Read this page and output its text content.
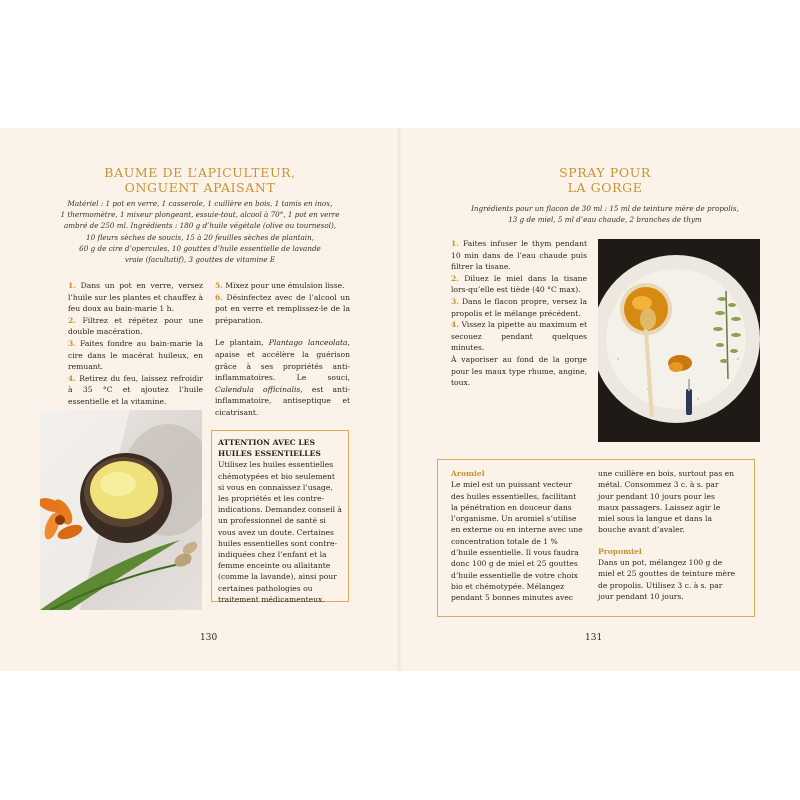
BAUME DE L’APICULTEUR,
ONGUENT APAISANT

Matériel : 1 pot en verre, 1 casserole, 1 cuillère en bois, 1 tamis en inox,
1 thermomètre, 1 mixeur plongeant, essuie-tout, alcool à 70°, 1 pot en verre
ambré de 250 ml. Ingrédients : 180 g d’huile végétale (olive ou tournesol),
10 fleurs sèches de soucis, 15 à 20 feuilles sèches de plantain,
60 g de cire d’opercules, 10 gouttes d’huile essentielle de lavande
vraie (facultatif), 3 gouttes de vitamine E

1. Dans un pot en verre, versez l’huile sur les plantes et chauffez à feu doux au bain-marie 1 h.

2. Filtrez et répétez pour une double macération.

3. Faites fondre au bain-marie la cire dans le macérat huileux, en remuant.

4. Retirez du feu, laissez refroidir à 35 °C et ajoutez l’huile essentielle et la vitamine.

5. Mixez pour une émulsion lisse.

6. Désinfectez avec de l’alcool un pot en verre et remplissez-le de la préparation.

Le plantain, Plantago lanceolata, apaise et accélère la guérison grâce à ses propriétés anti-inflammatoires. Le souci, Calendula officinalis, est anti-inflammatoire, antiseptique et cicatrisant.

ATTENTION AVEC LES HUILES ESSENTIELLES

Utilisez les huiles essentielles chémotypées et bio seulement si vous en connaissez l’usage, les propriétés et les contre-indications. Demandez conseil à un professionnel de santé si vous avez un doute. Certaines huiles essentielles sont contre-indiquées chez l’enfant et la femme enceinte ou allaitante (comme la lavande), ainsi pour certaines pathologies ou traitement médicamenteux.

130
SPRAY POUR
LA GORGE

Ingrédients pour un flacon de 30 ml : 15 ml de teinture mère de propolis,
13 g de miel, 5 ml d’eau chaude, 2 branches de thym

1. Faites infuser le thym pendant 10 min dans de l’eau chaude puis filtrer la tisane.

2. Diluez le miel dans la tisane lors-qu’elle est tiède (40 °C max).

3. Dans le flacon propre, versez la propolis et le mélange précédent.

4. Vissez la pipette au maximum et secouez pendant quelques minutes.

À vaporiser au fond de la gorge pour les maux type rhume, angine, toux.

Aromiel

Le miel est un puissant vecteur des huiles essentielles, facilitant la pénétration en douceur dans l’organisme. Un aromiel s’utilise en externe ou en interne avec une concentration totale de 1 % d’huile essentielle. Il vous faudra donc 100 g de miel et 25 gouttes d’huile essentielle de votre choix bio et chémotypée. Mélangez pendant 5 bonnes minutes avec

une cuillère en bois, surtout pas en métal. Consommez 3 c. à s. par jour pendant 10 jours pour les maux passagers. Laissez agir le miel sous la langue et dans la bouche avant d’avaler.

Propomiel

Dans un pot, mélangez 100 g de miel et 25 gouttes de teinture mère de propolis. Utilisez 3 c. à s. par jour pendant 10 jours.

131
